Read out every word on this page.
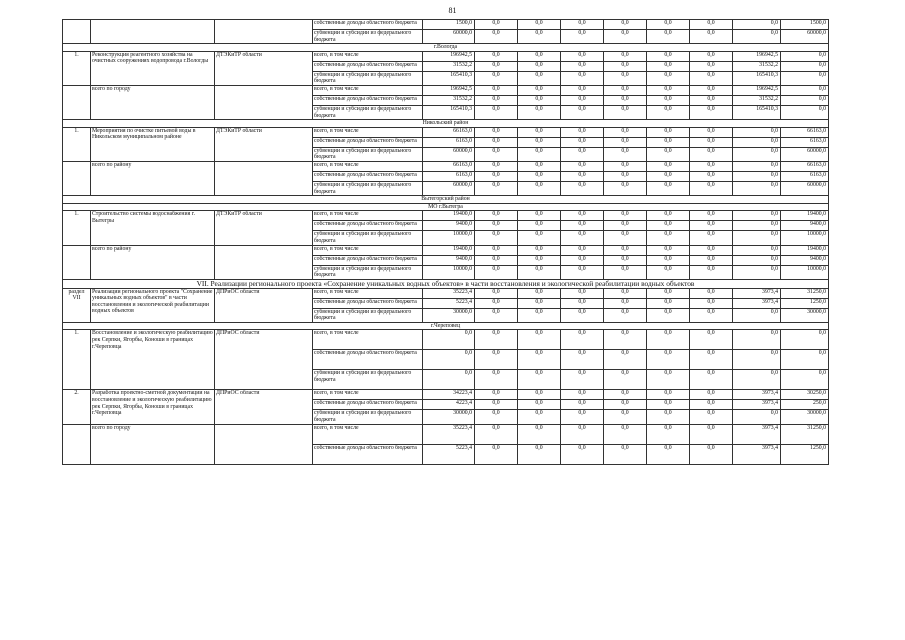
81
			собственные доходы областного бюджета	1500,0	0,0	0,0	0,0	0,0	0,0	0,0	0,0	1500,0
			субвенции и субсидии из федерального бюджета	60000,0	0,0	0,0	0,0	0,0	0,0	0,0	0,0	60000,0
г.Вологда												
1.	Реконструкция реагентного хозяйства на очистных сооружениях водопровода г.Вологды	ДТЭКиТР области	всего, в том числе	196942,5	0,0	0,0	0,0	0,0	0,0	0,0	196942,5	0,0
			собственные доходы областного бюджета	31532,2	0,0	0,0	0,0	0,0	0,0	0,0	31532,2	0,0
			субвенции и субсидии из федерального бюджета	165410,3	0,0	0,0	0,0	0,0	0,0	0,0	165410,3	0,0
	всего по городу		всего, в том числе	196942,5	0,0	0,0	0,0	0,0	0,0	0,0	196942,5	0,0
			собственные доходы областного бюджета	31532,2	0,0	0,0	0,0	0,0	0,0	0,0	31532,2	0,0
			субвенции и субсидии из федерального бюджета	165410,3	0,0	0,0	0,0	0,0	0,0	0,0	165410,3	0,0
Никольский район												
1.	Мероприятия по очистке питьевой воды в Никольском муниципальном районе	ДТЭКиТР области	всего, в том числе	66163,0	0,0	0,0	0,0	0,0	0,0	0,0	0,0	66163,0
			собственные доходы областного бюджета	6163,0	0,0	0,0	0,0	0,0	0,0	0,0	0,0	6163,0
			субвенции и субсидии из федерального бюджета	60000,0	0,0	0,0	0,0	0,0	0,0	0,0	0,0	60000,0
	всего по району		всего, в том числе	66163,0	0,0	0,0	0,0	0,0	0,0	0,0	0,0	66163,0
			собственные доходы областного бюджета	6163,0	0,0	0,0	0,0	0,0	0,0	0,0	0,0	6163,0
			субвенции и субсидии из федерального бюджета	60000,0	0,0	0,0	0,0	0,0	0,0	0,0	0,0	60000,0
Вытегорский район												
МО г.Вытегра												
1.	Строительство системы водоснабжения г. Вытегры	ДТЭКиТР области	всего, в том числе	19400,0	0,0	0,0	0,0	0,0	0,0	0,0	0,0	19400,0
			собственные доходы областного бюджета	9400,0	0,0	0,0	0,0	0,0	0,0	0,0	0,0	9400,0
			субвенции и субсидии из федерального бюджета	10000,0	0,0	0,0	0,0	0,0	0,0	0,0	0,0	10000,0
	всего по району		всего, в том числе	19400,0	0,0	0,0	0,0	0,0	0,0	0,0	0,0	19400,0
			собственные доходы областного бюджета	9400,0	0,0	0,0	0,0	0,0	0,0	0,0	0,0	9400,0
			субвенции и субсидии из федерального бюджета	10000,0	0,0	0,0	0,0	0,0	0,0	0,0	0,0	10000,0
VII. Реализации регионального проекта «Сохранение уникальных водных объектов» в части восстановления и экологической реабилитации водных объектов												
раздел VII	Реализации регионального проекта "Сохранение уникальных водных объектов" в части восстановления и экологической реабилитации водных объектов	ДПРиОС области	всего, в том числе	35223,4	0,0	0,0	0,0	0,0	0,0	0,0	3973,4	31250,0
			собственные доходы областного бюджета	5223,4	0,0	0,0	0,0	0,0	0,0	0,0	3973,4	1250,0
			субвенции и субсидии из федерального бюджета	30000,0	0,0	0,0	0,0	0,0	0,0	0,0	0,0	30000,0
г.Череповец												
1.	Восстановление и экологическую реабилитацию рек Серпки, Ягорбы, Коноши в границах г.Череповца	ДПРиОС области	всего, в том числе	0,0	0,0	0,0	0,0	0,0	0,0	0,0	0,0	0,0
			собственные доходы областного бюджета	0,0	0,0	0,0	0,0	0,0	0,0	0,0	0,0	0,0
			субвенции и субсидии из федерального бюджета	0,0	0,0	0,0	0,0	0,0	0,0	0,0	0,0	0,0
2.	Разработка проектно-сметной документации на восстановление и экологическую реабилитацию рек Серпки, Ягорбы, Коноши в границах г.Череповца	ДПРиОС области	всего, в том числе	34223,4	0,0	0,0	0,0	0,0	0,0	0,0	3973,4	30250,0
			собственные доходы областного бюджета	4223,4	0,0	0,0	0,0	0,0	0,0	0,0	3973,4	250,0
			субвенции и субсидии из федерального бюджета	30000,0	0,0	0,0	0,0	0,0	0,0	0,0	0,0	30000,0
	всего по городу		всего, в том числе	35223,4	0,0	0,0	0,0	0,0	0,0	0,0	3973,4	31250,0
			собственные доходы областного бюджета	5223,4	0,0	0,0	0,0	0,0	0,0	0,0	3973,4	1250,0
